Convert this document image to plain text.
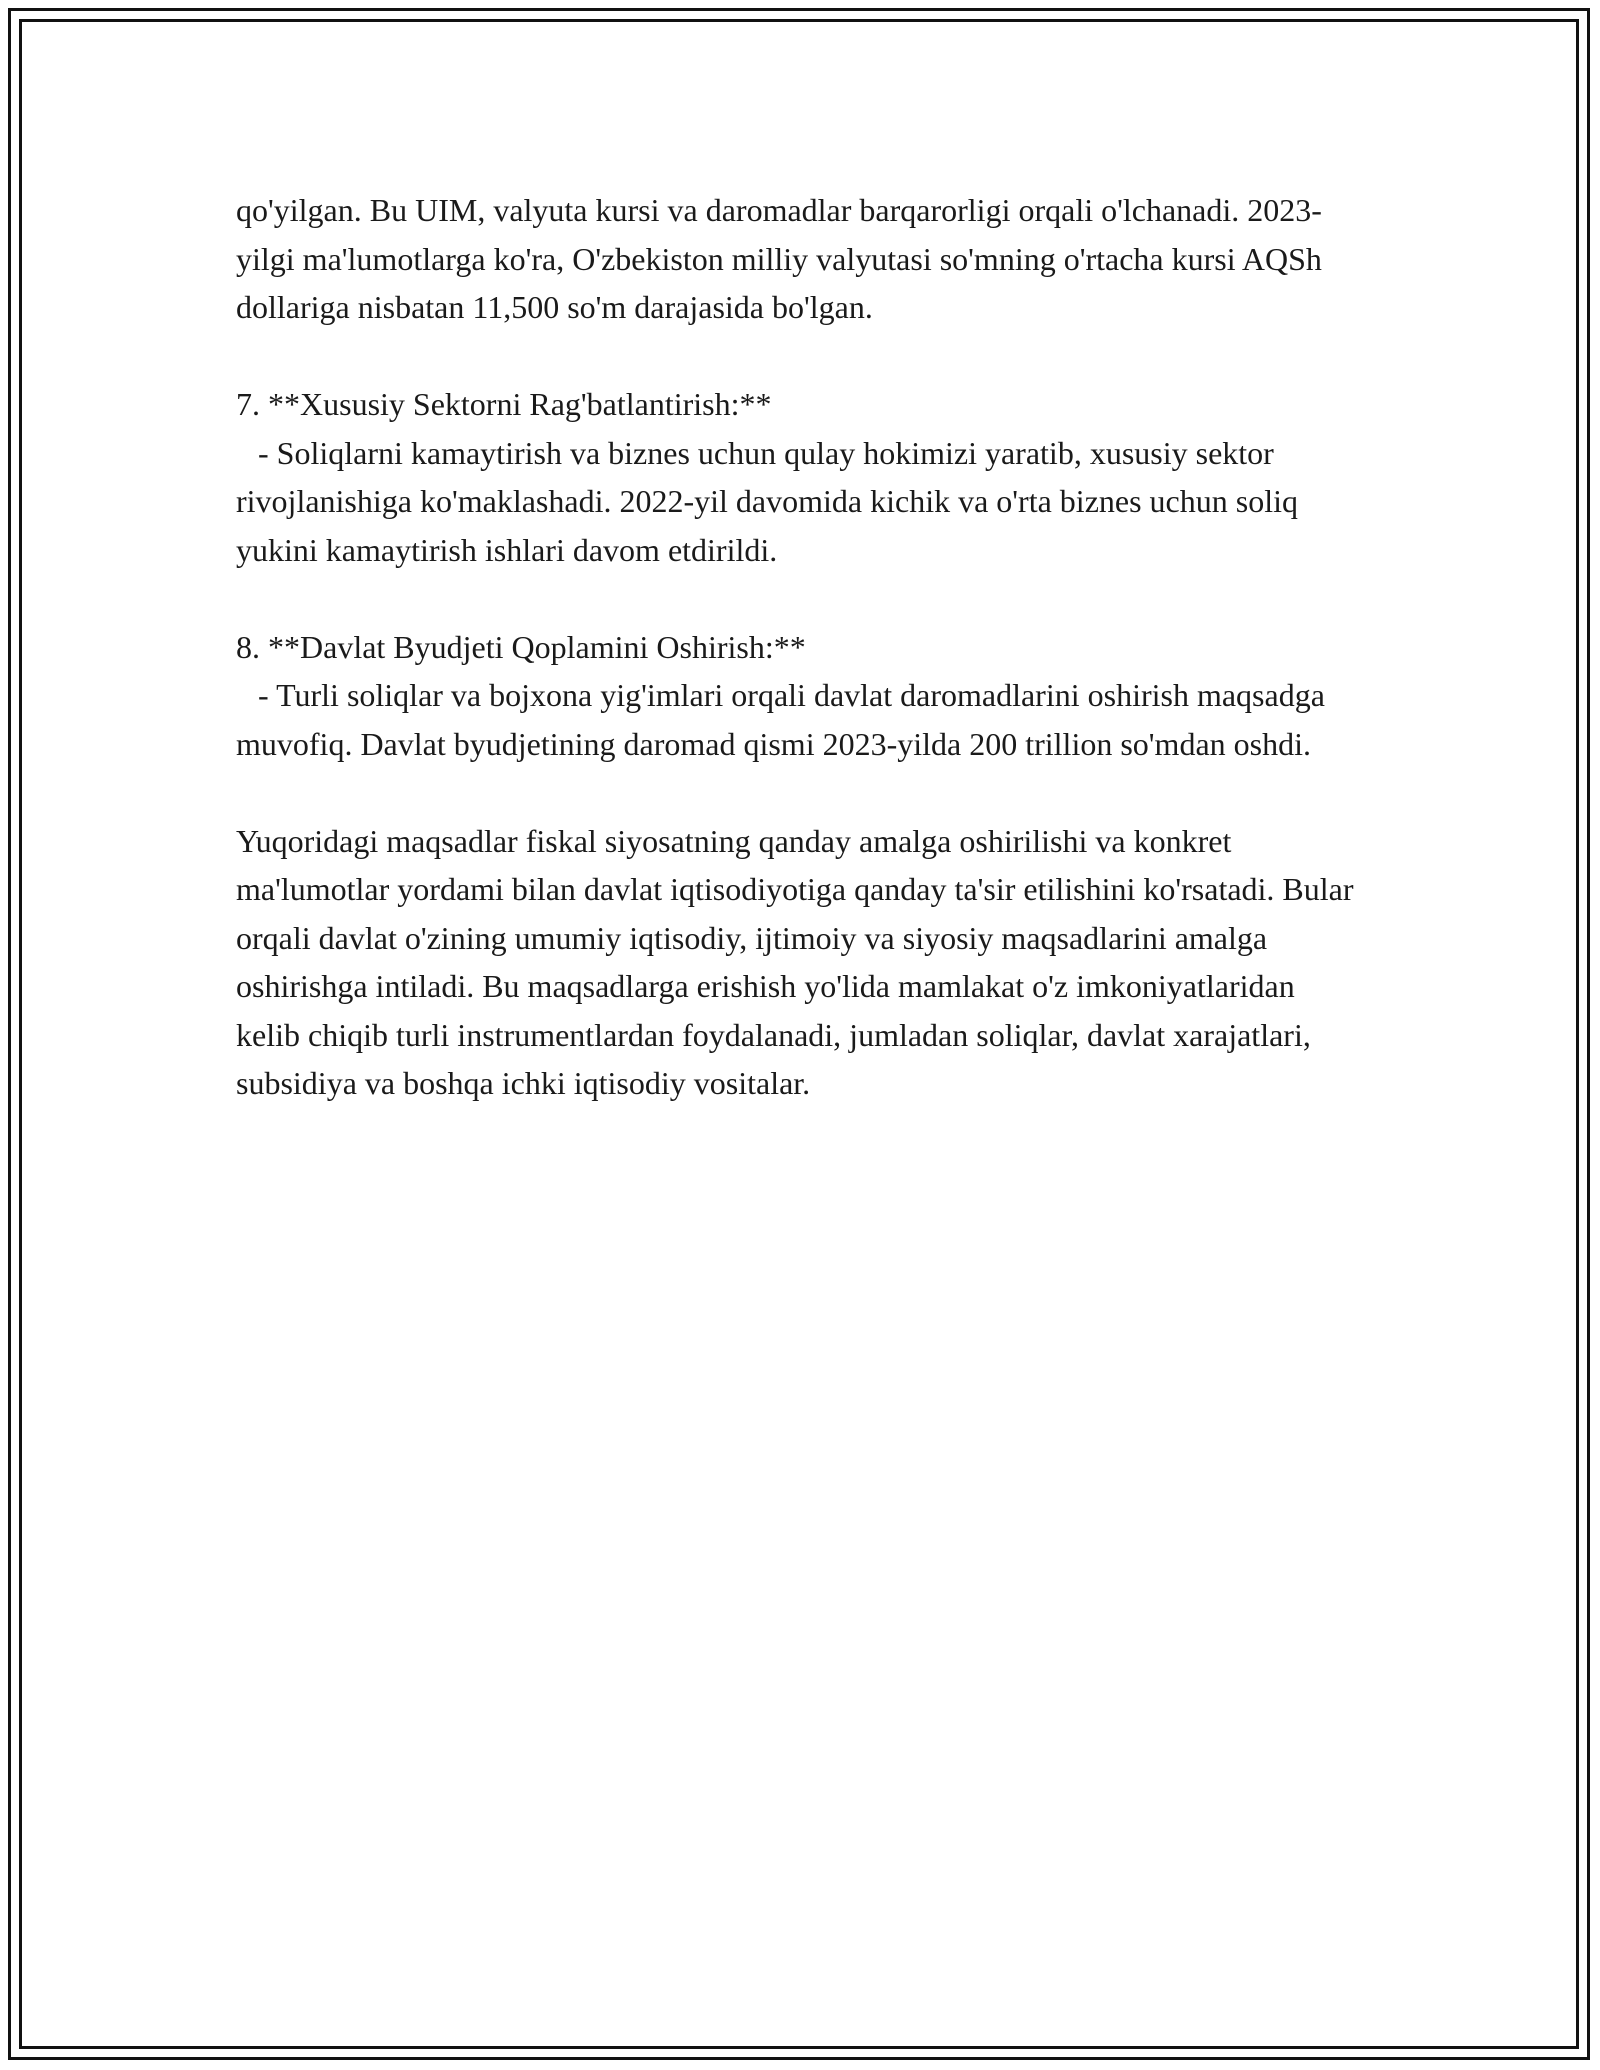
qo'yilgan. Bu UIM, valyuta kursi va daromadlar barqarorligi orqali o'lchanadi. 2023-yilgi ma'lumotlarga ko'ra, O'zbekiston milliy valyutasi so'mning o'rtacha kursi AQSh dollariga nisbatan 11,500 so'm darajasida bo'lgan.

7. **Xususiy Sektorni Rag'batlantirish:**

- Soliqlarni kamaytirish va biznes uchun qulay hokimizi yaratib, xususiy sektor rivojlanishiga ko'maklashadi. 2022-yil davomida kichik va o'rta biznes uchun soliq yukini kamaytirish ishlari davom etdirildi.

8. **Davlat Byudjeti Qoplamini Oshirish:**

- Turli soliqlar va bojxona yig'imlari orqali davlat daromadlarini oshirish maqsadga muvofiq. Davlat byudjetining daromad qismi 2023-yilda 200 trillion so'mdan oshdi.

Yuqoridagi maqsadlar fiskal siyosatning qanday amalga oshirilishi va konkret ma'lumotlar yordami bilan davlat iqtisodiyotiga qanday ta'sir etilishini ko'rsatadi. Bular orqali davlat o'zining umumiy iqtisodiy, ijtimoiy va siyosiy maqsadlarini amalga oshirishga intiladi. Bu maqsadlarga erishish yo'lida mamlakat o'z imkoniyatlaridan kelib chiqib turli instrumentlardan foydalanadi, jumladan soliqlar, davlat xarajatlari, subsidiya va boshqa ichki iqtisodiy vositalar.
